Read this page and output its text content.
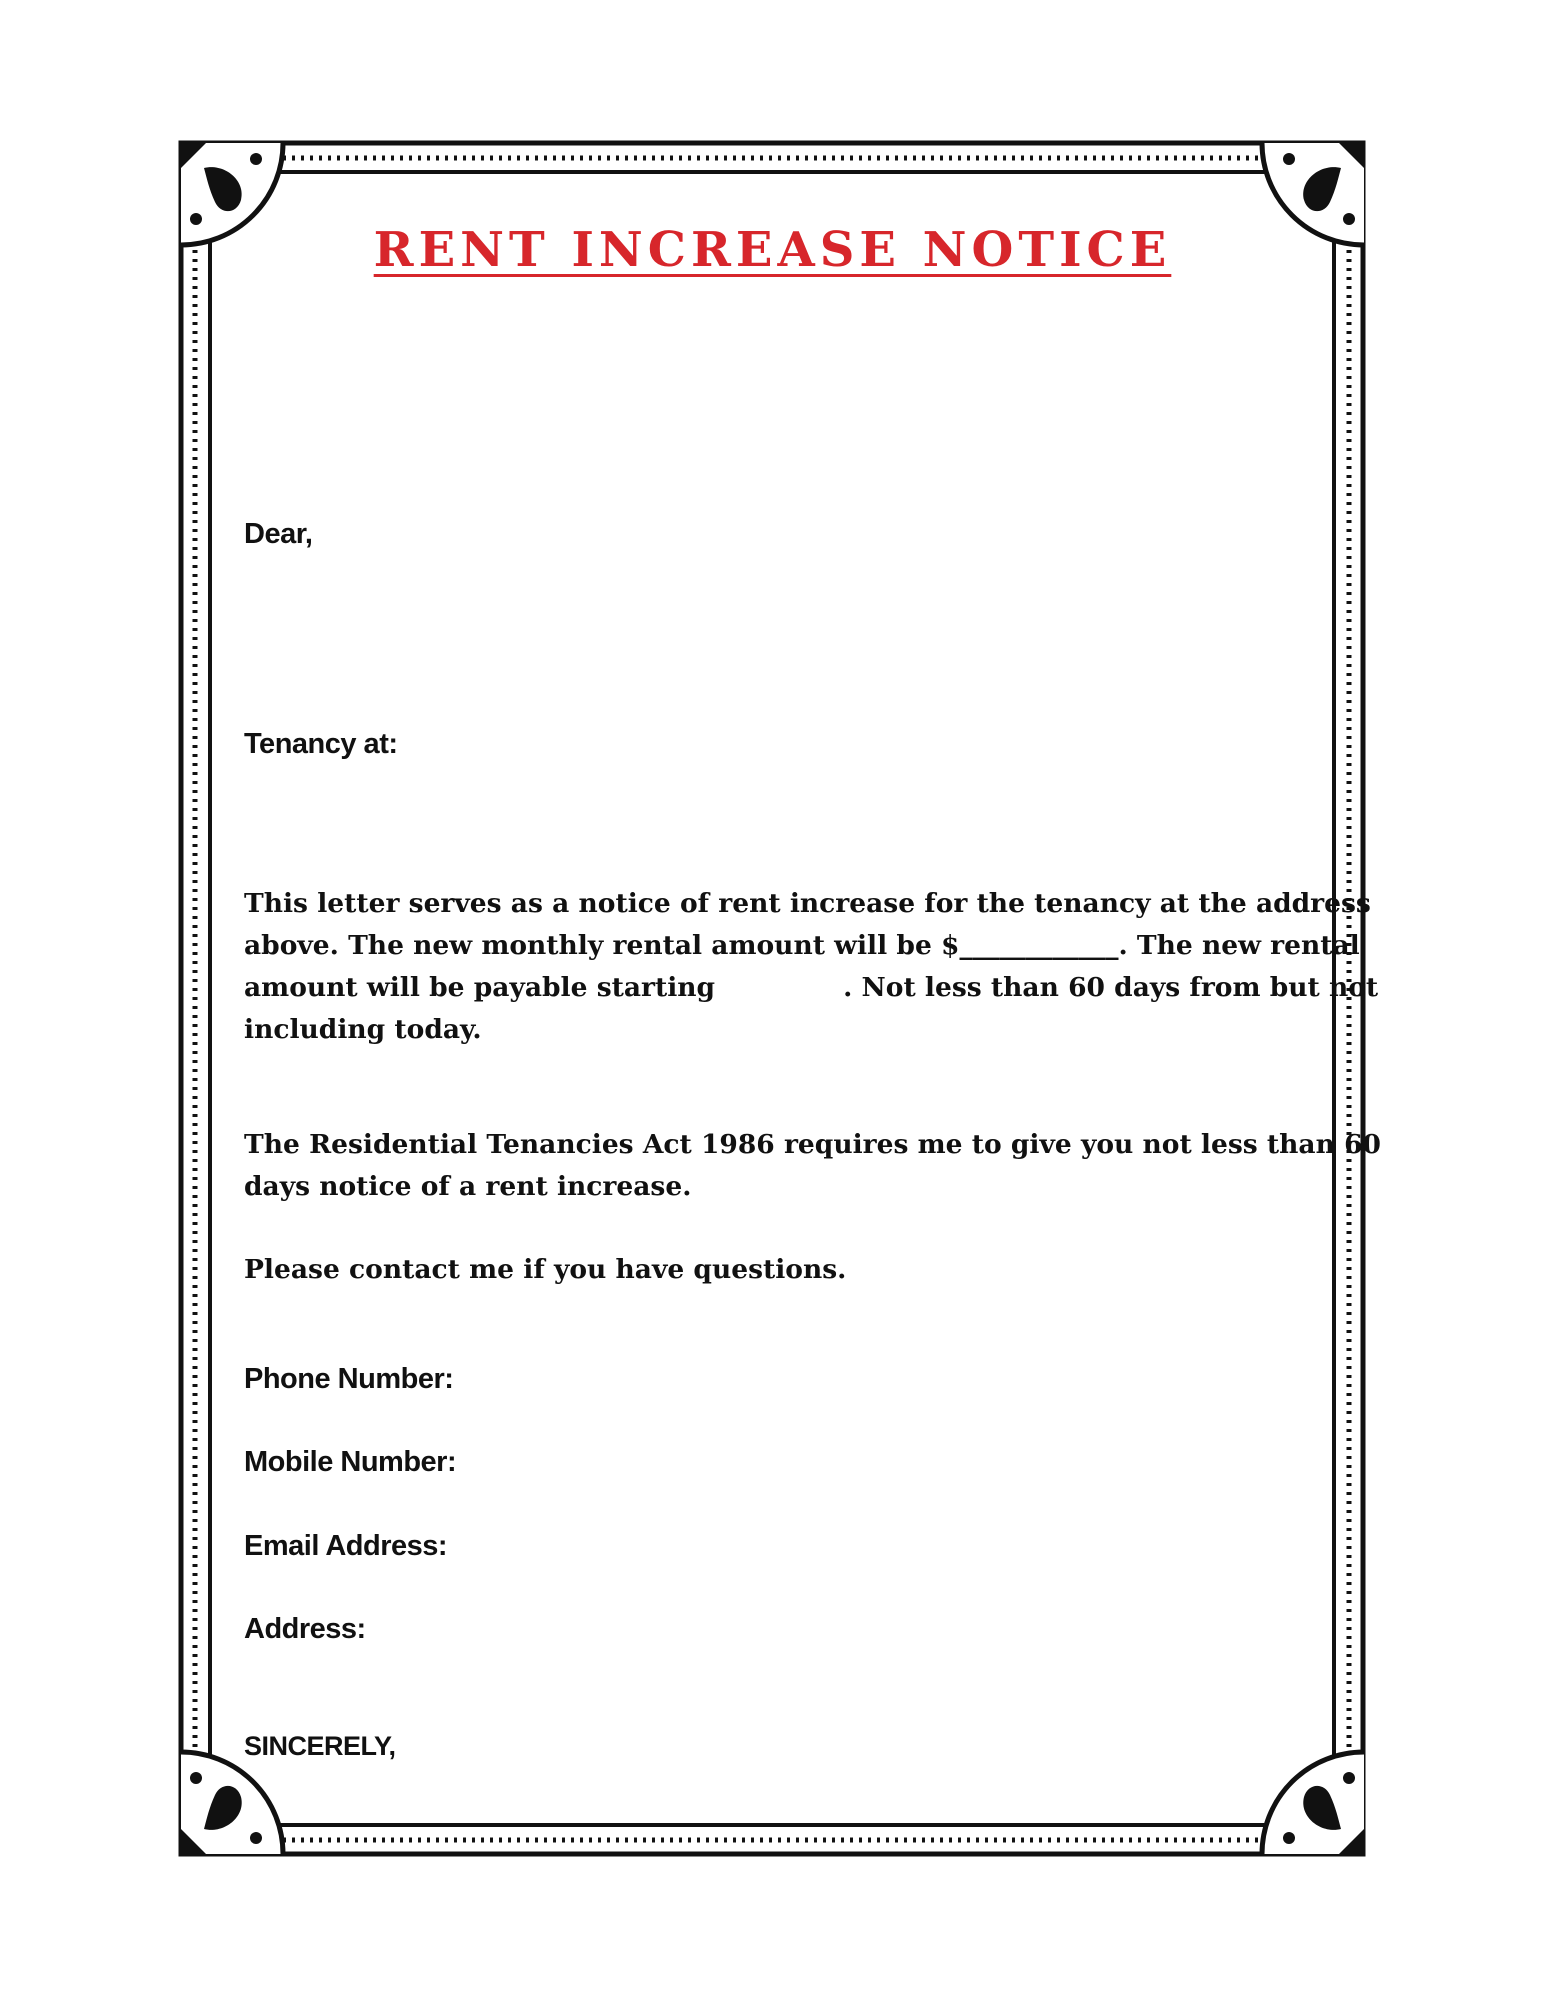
RENT INCREASE NOTICE
Dear,
Tenancy at:
This letter serves as a notice of rent increase for the tenancy at the address
above. The new monthly rental amount will be $____________. The new rental
amount will be payable starting	. Not less than 60 days from but not
including today.
The Residential Tenancies Act 1986 requires me to give you not less than 60
days notice of a rent increase.
Please contact me if you have questions.
Phone Number:
Mobile Number:
Email Address:
Address:
SINCERELY,
